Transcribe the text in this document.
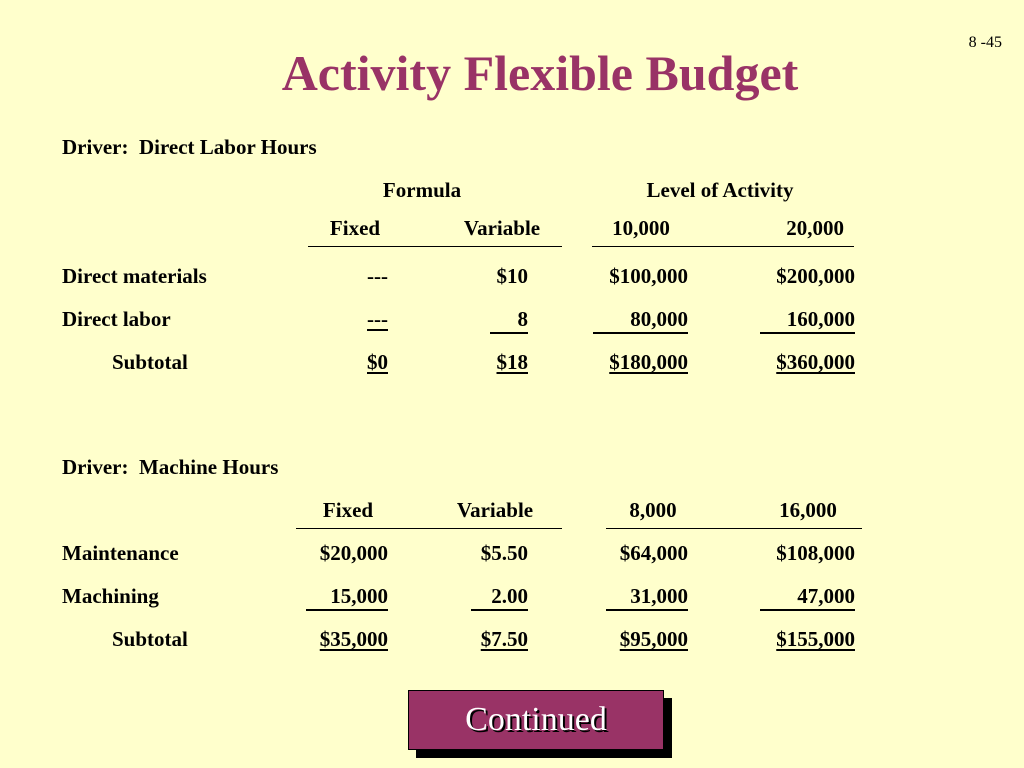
8 -45
Activity Flexible Budget
Driver:  Direct Labor Hours
Formula	Level of Activity
Fixed	Variable	10,000	20,000
Direct materials	---	$10	$100,000	$200,000
Direct labor	---	8	80,000	160,000
Subtotal	$0	$18	$180,000	$360,000
Driver:  Machine Hours
Fixed	Variable	8,000	16,000
Maintenance	$20,000	$5.50	$64,000	$108,000
Machining	15,000	2.00	31,000	47,000
Subtotal	$35,000	$7.50	$95,000	$155,000
Continued
